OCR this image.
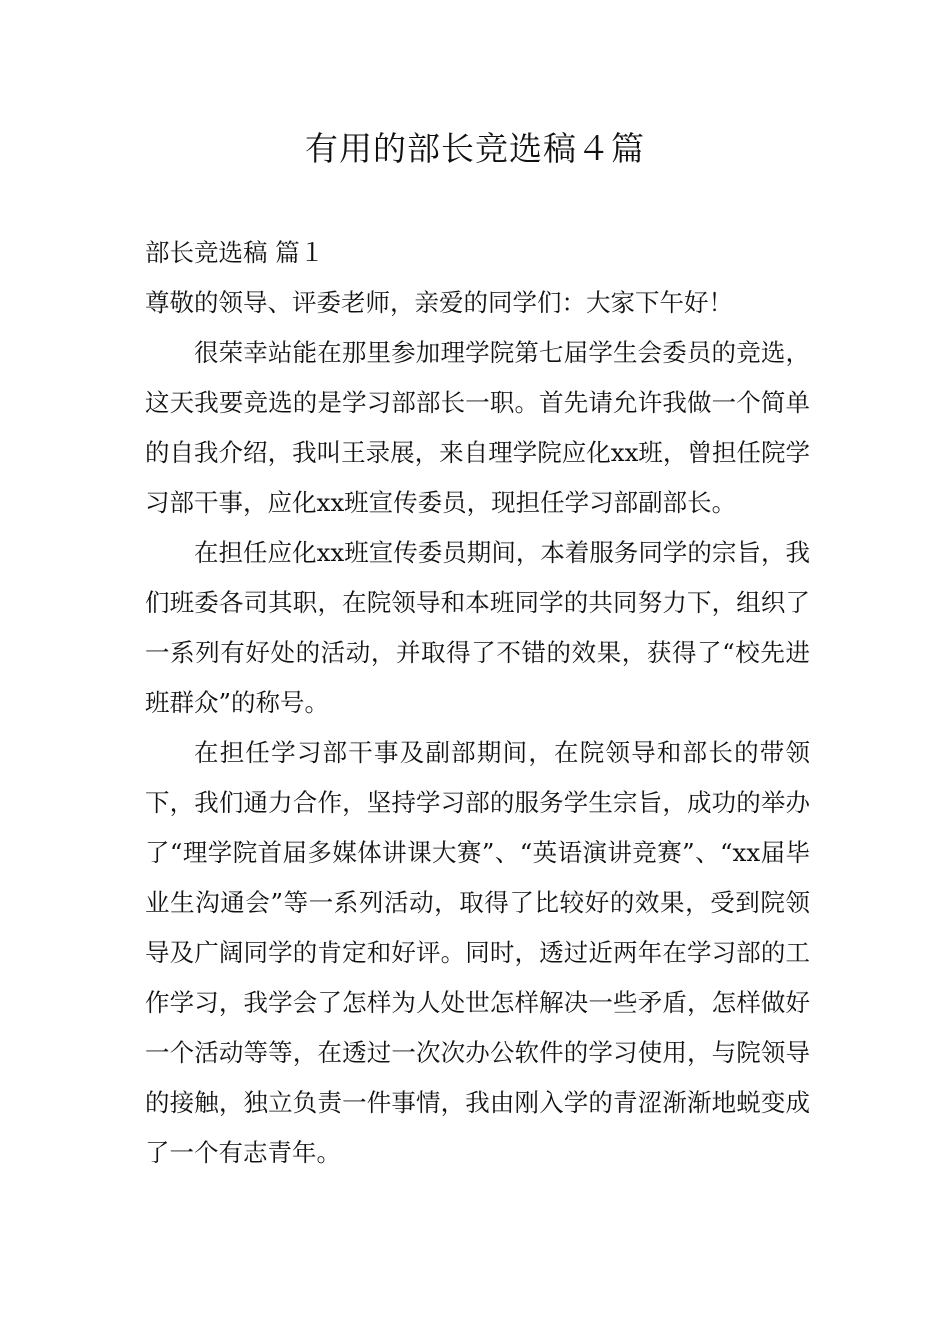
有用的部长竞选稿４篇

部长竞选稿 篇１

尊敬的领导、评委老师，亲爱的同学们：大家下午好！

很荣幸站能在那里参加理学院第七届学生会委员的竞选，这天我要竞选的是学习部部长一职。首先请允许我做一个简单的自我介绍，我叫王录展，来自理学院应化xx班，曾担任院学习部干事，应化xx班宣传委员，现担任学习部副部长。

在担任应化xx班宣传委员期间，本着服务同学的宗旨，我们班委各司其职，在院领导和本班同学的共同努力下，组织了一系列有好处的活动，并取得了不错的效果，获得了“校先进班群众”的称号。

在担任学习部干事及副部期间，在院领导和部长的带领下，我们通力合作，坚持学习部的服务学生宗旨，成功的举办了“理学院首届多媒体讲课大赛”、“英语演讲竞赛”、“xx届毕业生沟通会”等一系列活动，取得了比较好的效果，受到院领导及广阔同学的肯定和好评。同时，透过近两年在学习部的工作学习，我学会了怎样为人处世怎样解决一些矛盾，怎样做好一个活动等等，在透过一次次办公软件的学习使用，与院领导的接触，独立负责一件事情，我由刚入学的青涩渐渐地蜕变成了一个有志青年。
